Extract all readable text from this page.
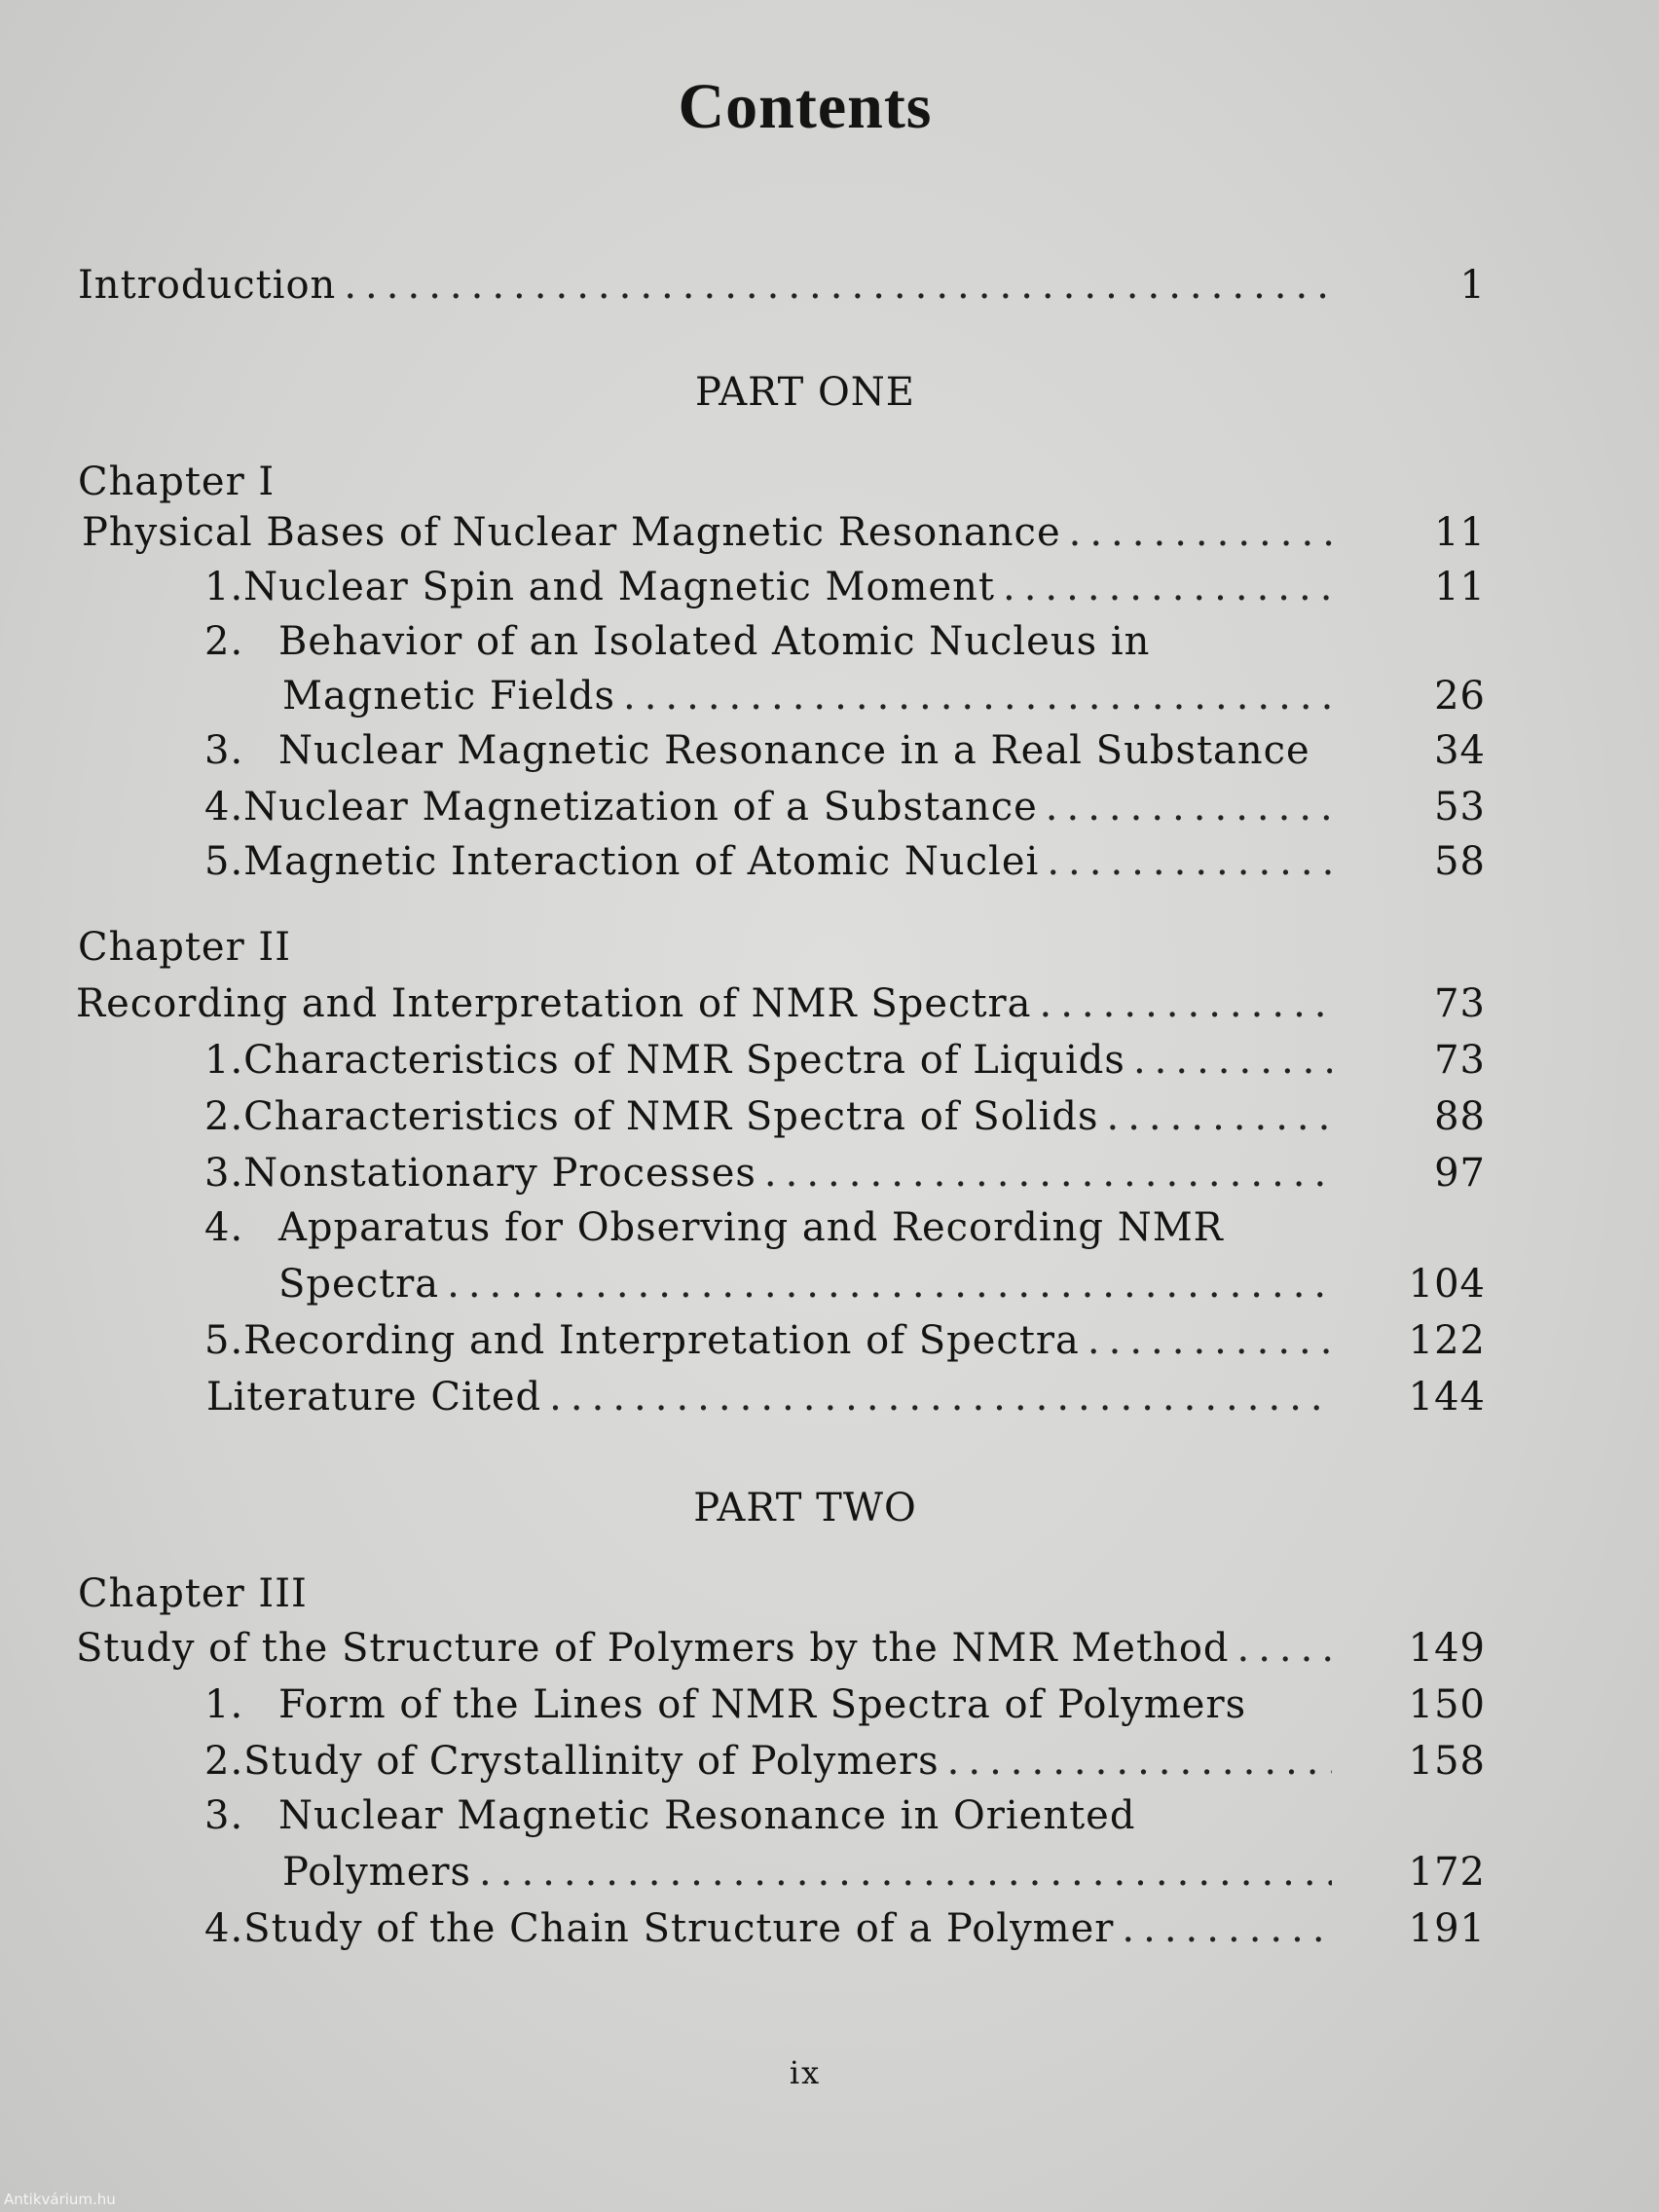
Contents
Introduction .....	1
PART ONE
Chapter I
Physical Bases of Nuclear Magnetic Resonance .....	11
1. Nuclear Spin and Magnetic Moment .....	11
2. Behavior of an Isolated Atomic Nucleus in
Magnetic Fields .....	26
3. Nuclear Magnetic Resonance in a Real Substance	34
4. Nuclear Magnetization of a Substance .....	53
5. Magnetic Interaction of Atomic Nuclei .....	58
Chapter II
Recording and Interpretation of NMR Spectra .....	73
1. Characteristics of NMR Spectra of Liquids .....	73
2. Characteristics of NMR Spectra of Solids .....	88
3. Nonstationary Processes .....	97
4. Apparatus for Observing and Recording NMR
Spectra .....	104
5. Recording and Interpretation of Spectra .....	122
Literature Cited .....	144
PART TWO
Chapter III
Study of the Structure of Polymers by the NMR Method .....	149
1. Form of the Lines of NMR Spectra of Polymers	150
2. Study of Crystallinity of Polymers .....	158
3. Nuclear Magnetic Resonance in Oriented
Polymers .....	172
4. Study of the Chain Structure of a Polymer .....	191
ix
Antikvárium.hu
